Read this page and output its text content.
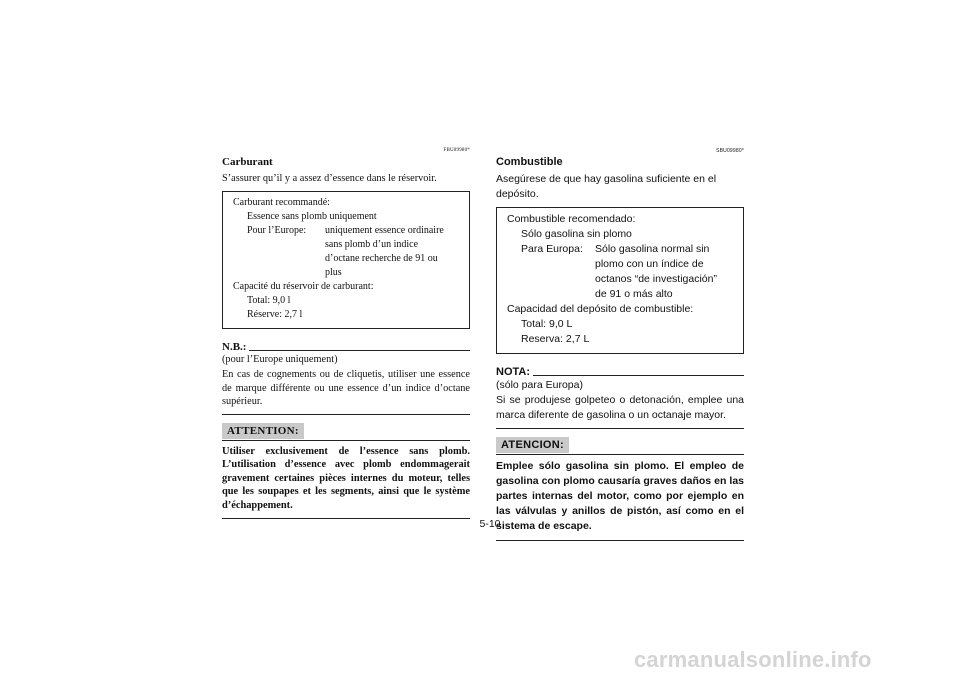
FBU09980*
Carburant

S’assurer qu’il y a assez d’essence dans le réservoir.

Carburant recommandé:
Essence sans plomb uniquement
Pour l’Europe:	uniquement essence ordinaire
sans plomb d’un indice
d’octane recherche de 91 ou
plus
Capacité du réservoir de carburant:
Total: 9,0 l
Réserve: 2,7 l
N.B.:

(pour l’Europe uniquement)

En cas de cognements ou de cliquetis, utiliser une essence de marque différente ou une essence d’un indice d’octane supérieur.

ATTENTION:

Utiliser exclusivement de l’essence sans plomb. L’utilisation d’essence avec plomb endommagerait gravement certaines pièces internes du moteur, telles que les soupapes et les segments, ainsi que le système d’échappement.

SBU09980*
Combustible

Asegúrese de que hay gasolina suficiente en el depósito.

Combustible recomendado:
Sólo gasolina sin plomo
Para Europa:	Sólo gasolina normal sin
plomo con un índice de
octanos “de investigación”
de 91 o más alto
Capacidad del depósito de combustible:
Total: 9,0 L
Reserva: 2,7 L
NOTA:

(sólo para Europa)

Si se produjese golpeteo o detonación, emplee una marca diferente de gasolina o un octanaje mayor.

ATENCION:

Emplee sólo gasolina sin plomo. El empleo de gasolina con plomo causaría graves daños en las partes internas del motor, como por ejemplo en las válvulas y anillos de pistón, así como en el sistema de escape.

5-10
carmanualsonline.info
